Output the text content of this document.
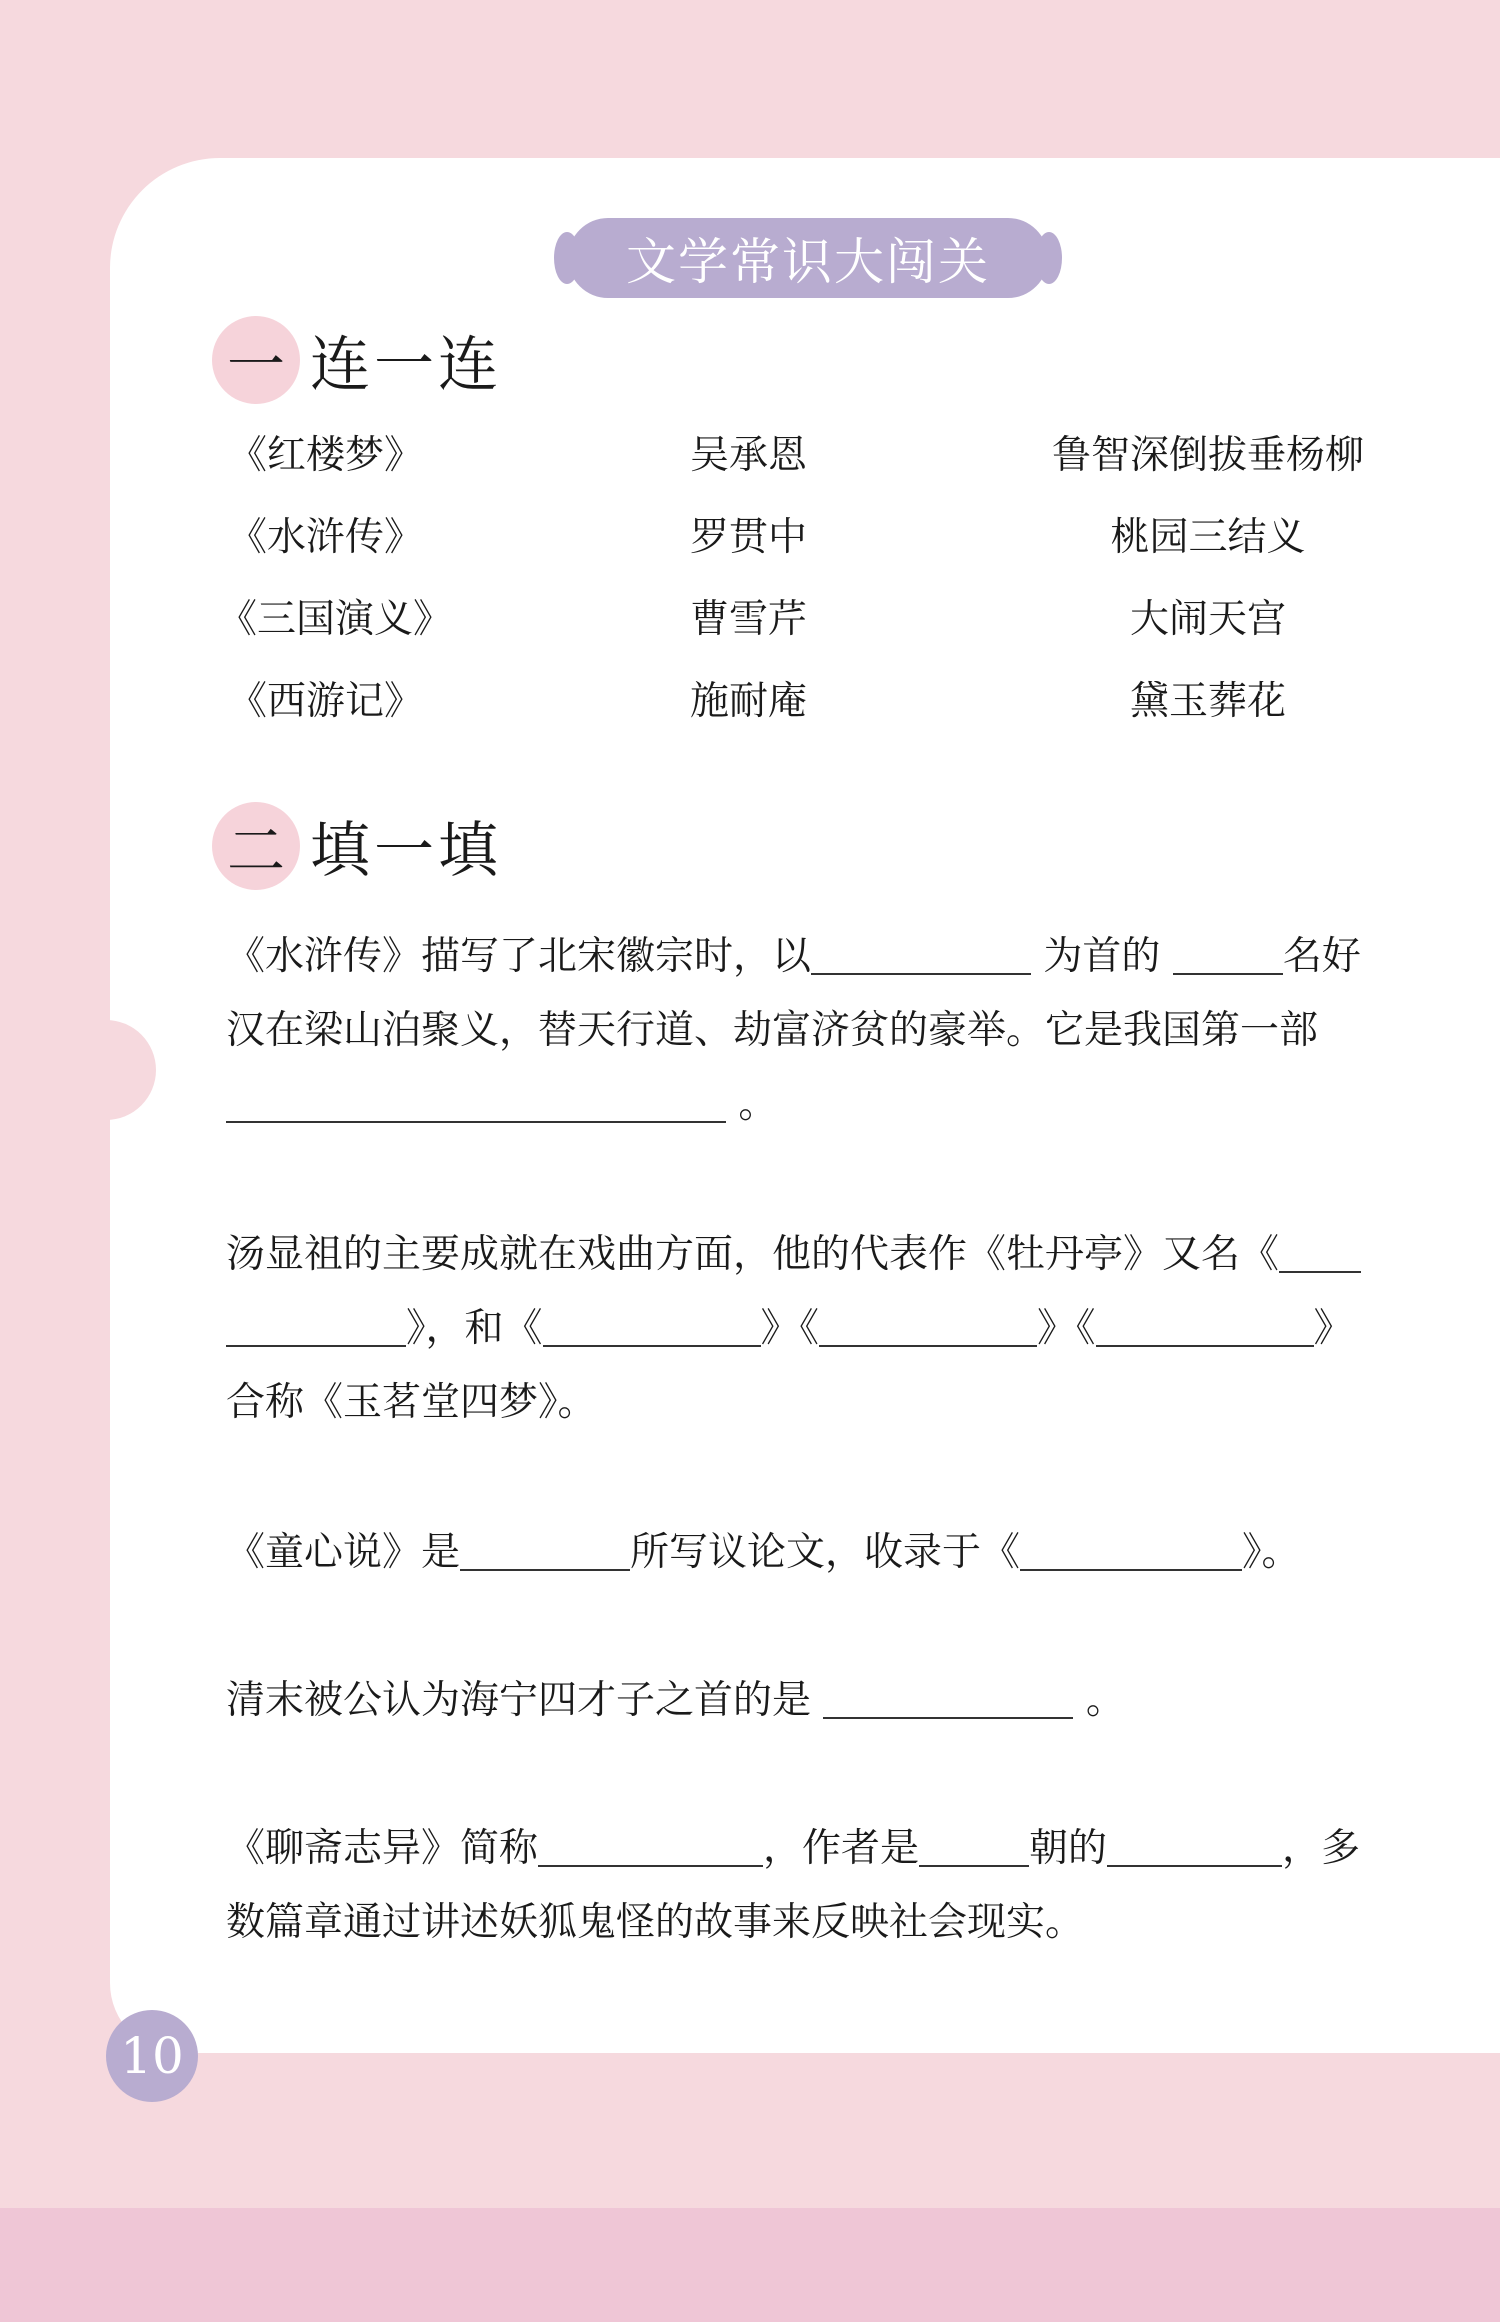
文学常识大闯关
一 连一连
《红楼梦》	吴承恩	鲁智深倒拔垂杨柳
《水浒传》	罗贯中	桃园三结义
《三国演义》	曹雪芹	大闹天宫
《西游记》	施耐庵	黛玉葬花
二 填一填
《水浒传》描写了北宋徽宗时，以	为首的	名好
汉在梁山泊聚义，替天行道、劫富济贫的豪举。它是我国第一部
。
汤显祖的主要成就在戏曲方面，他的代表作《牡丹亭》又名《
》，和《	》《	》《	》
合称《玉茗堂四梦》。
《童心说》是	所写议论文，收录于《	》。
清末被公认为海宁四才子之首的是	。
《聊斋志异》简称	，作者是	朝的	，多
数篇章通过讲述妖狐鬼怪的故事来反映社会现实。
10
